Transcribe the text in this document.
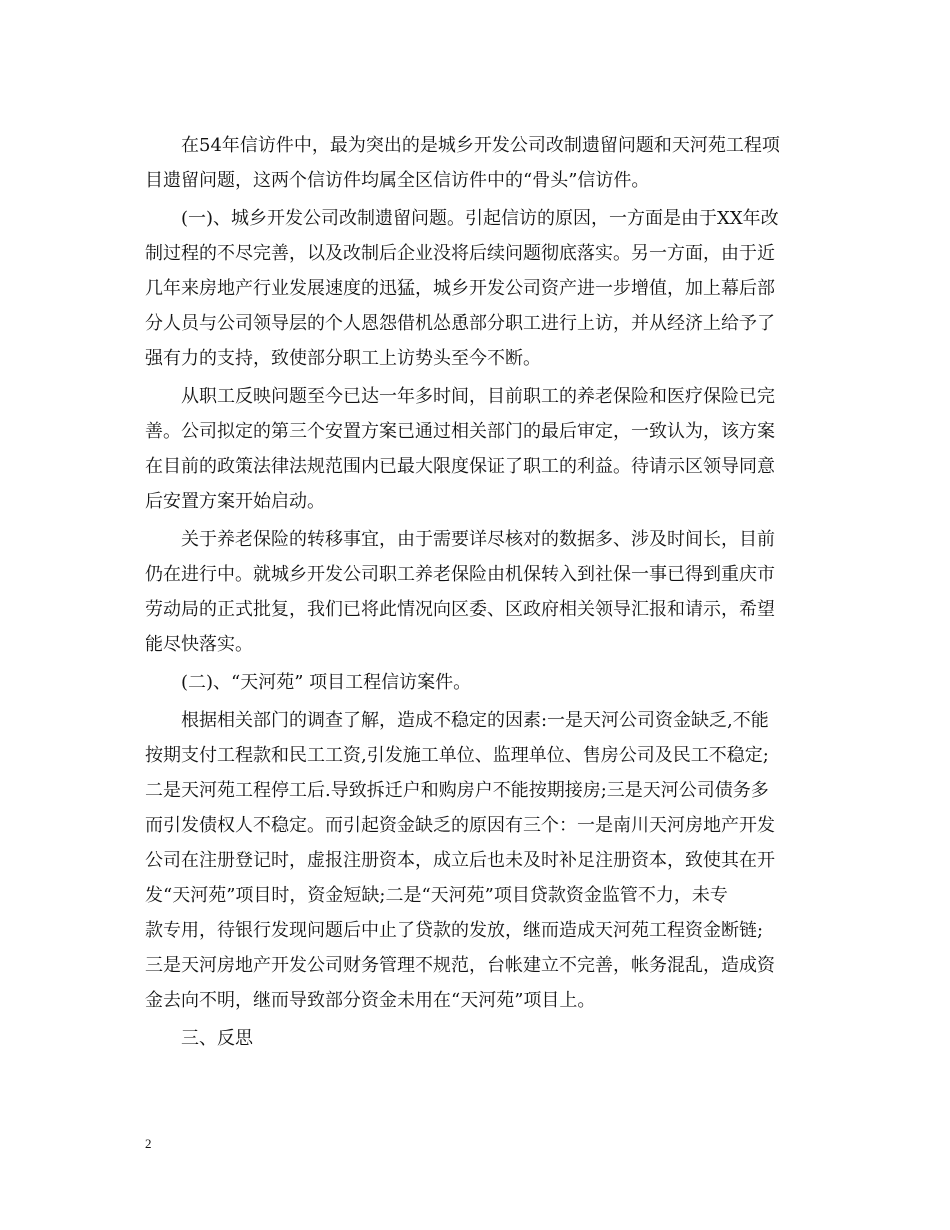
　　在54年信访件中，最为突出的是城乡开发公司改制遗留问题和天河苑工程项
目遗留问题，这两个信访件均属全区信访件中的“骨头”信访件。
　　(一)、城乡开发公司改制遗留问题。引起信访的原因，一方面是由于XX年改
制过程的不尽完善，以及改制后企业没将后续问题彻底落实。另一方面，由于近
几年来房地产行业发展速度的迅猛，城乡开发公司资产进一步增值，加上幕后部
分人员与公司领导层的个人恩怨借机怂恿部分职工进行上访，并从经济上给予了
强有力的支持，致使部分职工上访势头至今不断。
　　从职工反映问题至今已达一年多时间，目前职工的养老保险和医疗保险已完
善。公司拟定的第三个安置方案已通过相关部门的最后审定，一致认为，该方案
在目前的政策法律法规范围内已最大限度保证了职工的利益。待请示区领导同意
后安置方案开始启动。
　　关于养老保险的转移事宜，由于需要详尽核对的数据多、涉及时间长，目前
仍在进行中。就城乡开发公司职工养老保险由机保转入到社保一事已得到重庆市
劳动局的正式批复，我们已将此情况向区委、区政府相关领导汇报和请示，希望
能尽快落实。
　　(二)、“天河苑” 项目工程信访案件。
　　根据相关部门的调查了解，造成不稳定的因素:一是天河公司资金缺乏,不能
按期支付工程款和民工工资,引发施工单位、监理单位、售房公司及民工不稳定;
二是天河苑工程停工后.导致拆迁户和购房户不能按期接房;三是天河公司债务多
而引发债权人不稳定。而引起资金缺乏的原因有三个：一是南川天河房地产开发
公司在注册登记时，虚报注册资本，成立后也未及时补足注册资本，致使其在开
发“天河苑”项目时，资金短缺;二是“天河苑”项目贷款资金监管不力，未专
款专用，待银行发现问题后中止了贷款的发放，继而造成天河苑工程资金断链;
三是天河房地产开发公司财务管理不规范，台帐建立不完善，帐务混乱，造成资
金去向不明，继而导致部分资金未用在“天河苑”项目上。
　　三、反思
2
